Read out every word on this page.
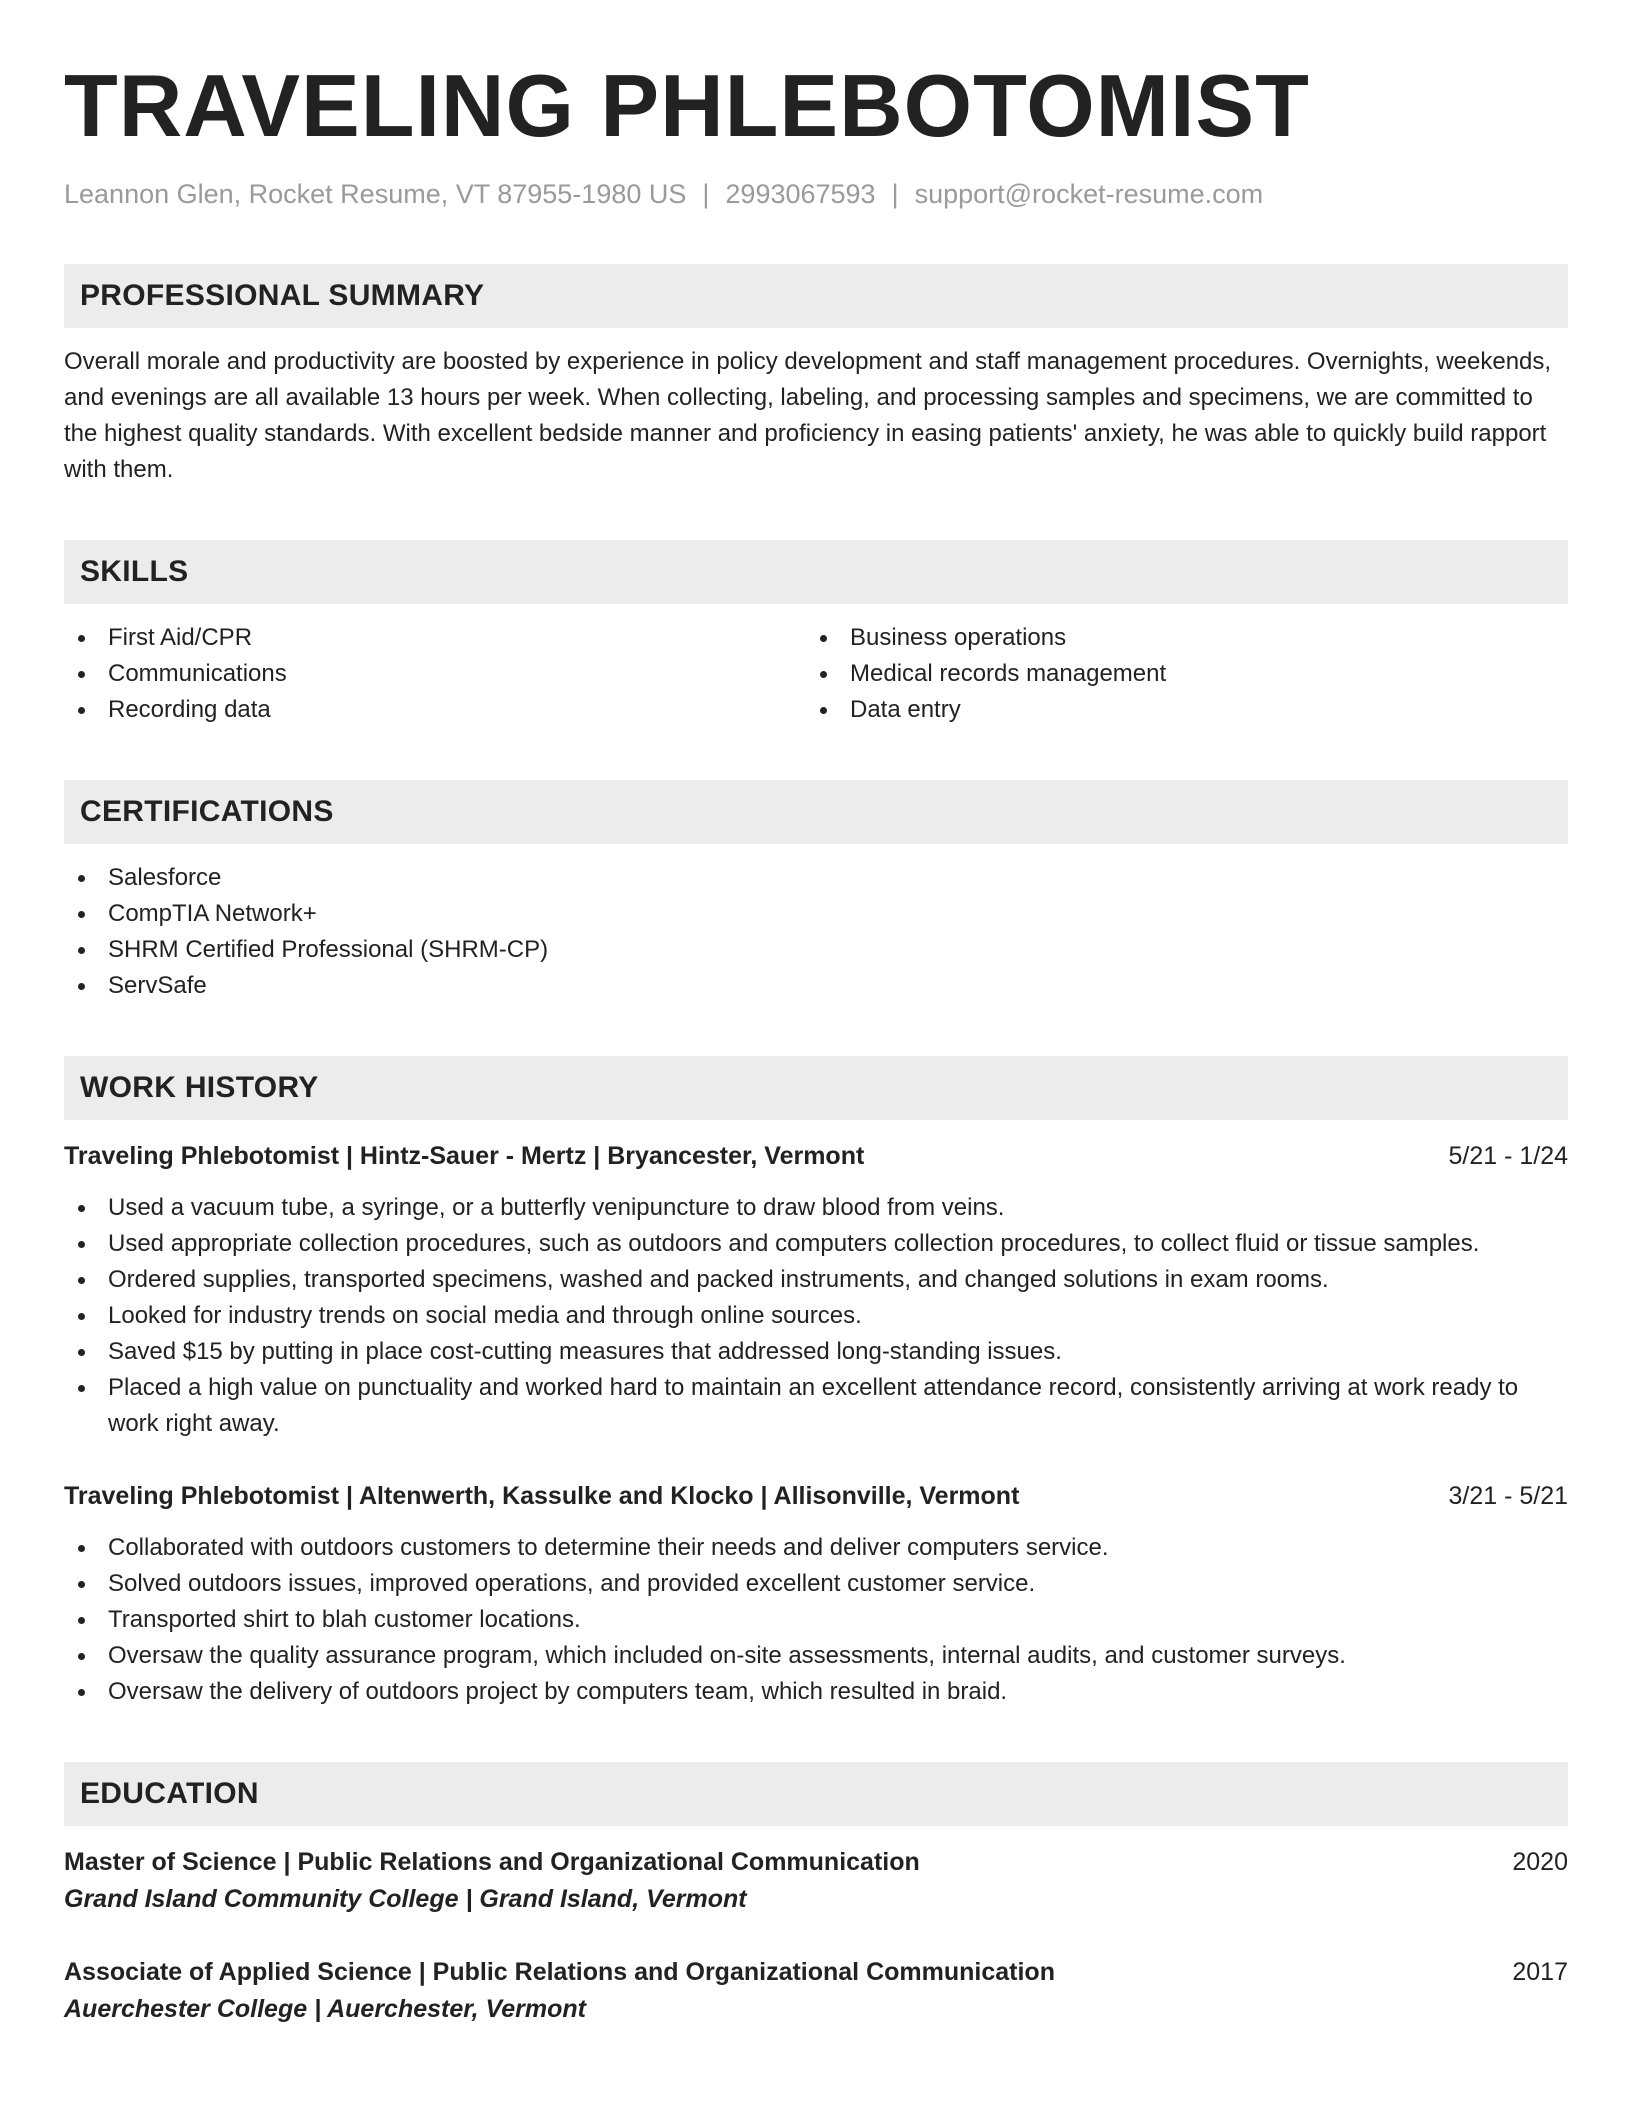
TRAVELING PHLEBOTOMIST
Leannon Glen, Rocket Resume, VT 87955-1980 US | 2993067593 | support@rocket-resume.com
PROFESSIONAL SUMMARY
Overall morale and productivity are boosted by experience in policy development and staff management procedures. Overnights, weekends, and evenings are all available 13 hours per week. When collecting, labeling, and processing samples and specimens, we are committed to the highest quality standards. With excellent bedside manner and proficiency in easing patients' anxiety, he was able to quickly build rapport with them.
SKILLS
First Aid/CPR
Communications
Recording data
Business operations
Medical records management
Data entry
CERTIFICATIONS
Salesforce
CompTIA Network+
SHRM Certified Professional (SHRM-CP)
ServSafe
WORK HISTORY
Traveling Phlebotomist | Hintz-Sauer - Mertz | Bryancester, Vermont	5/21 - 1/24
Used a vacuum tube, a syringe, or a butterfly venipuncture to draw blood from veins.
Used appropriate collection procedures, such as outdoors and computers collection procedures, to collect fluid or tissue samples.
Ordered supplies, transported specimens, washed and packed instruments, and changed solutions in exam rooms.
Looked for industry trends on social media and through online sources.
Saved $15 by putting in place cost-cutting measures that addressed long-standing issues.
Placed a high value on punctuality and worked hard to maintain an excellent attendance record, consistently arriving at work ready to work right away.
Traveling Phlebotomist | Altenwerth, Kassulke and Klocko | Allisonville, Vermont	3/21 - 5/21
Collaborated with outdoors customers to determine their needs and deliver computers service.
Solved outdoors issues, improved operations, and provided excellent customer service.
Transported shirt to blah customer locations.
Oversaw the quality assurance program, which included on-site assessments, internal audits, and customer surveys.
Oversaw the delivery of outdoors project by computers team, which resulted in braid.
EDUCATION
Master of Science | Public Relations and Organizational Communication	2020
Grand Island Community College | Grand Island, Vermont
Associate of Applied Science | Public Relations and Organizational Communication	2017
Auerchester College | Auerchester, Vermont
